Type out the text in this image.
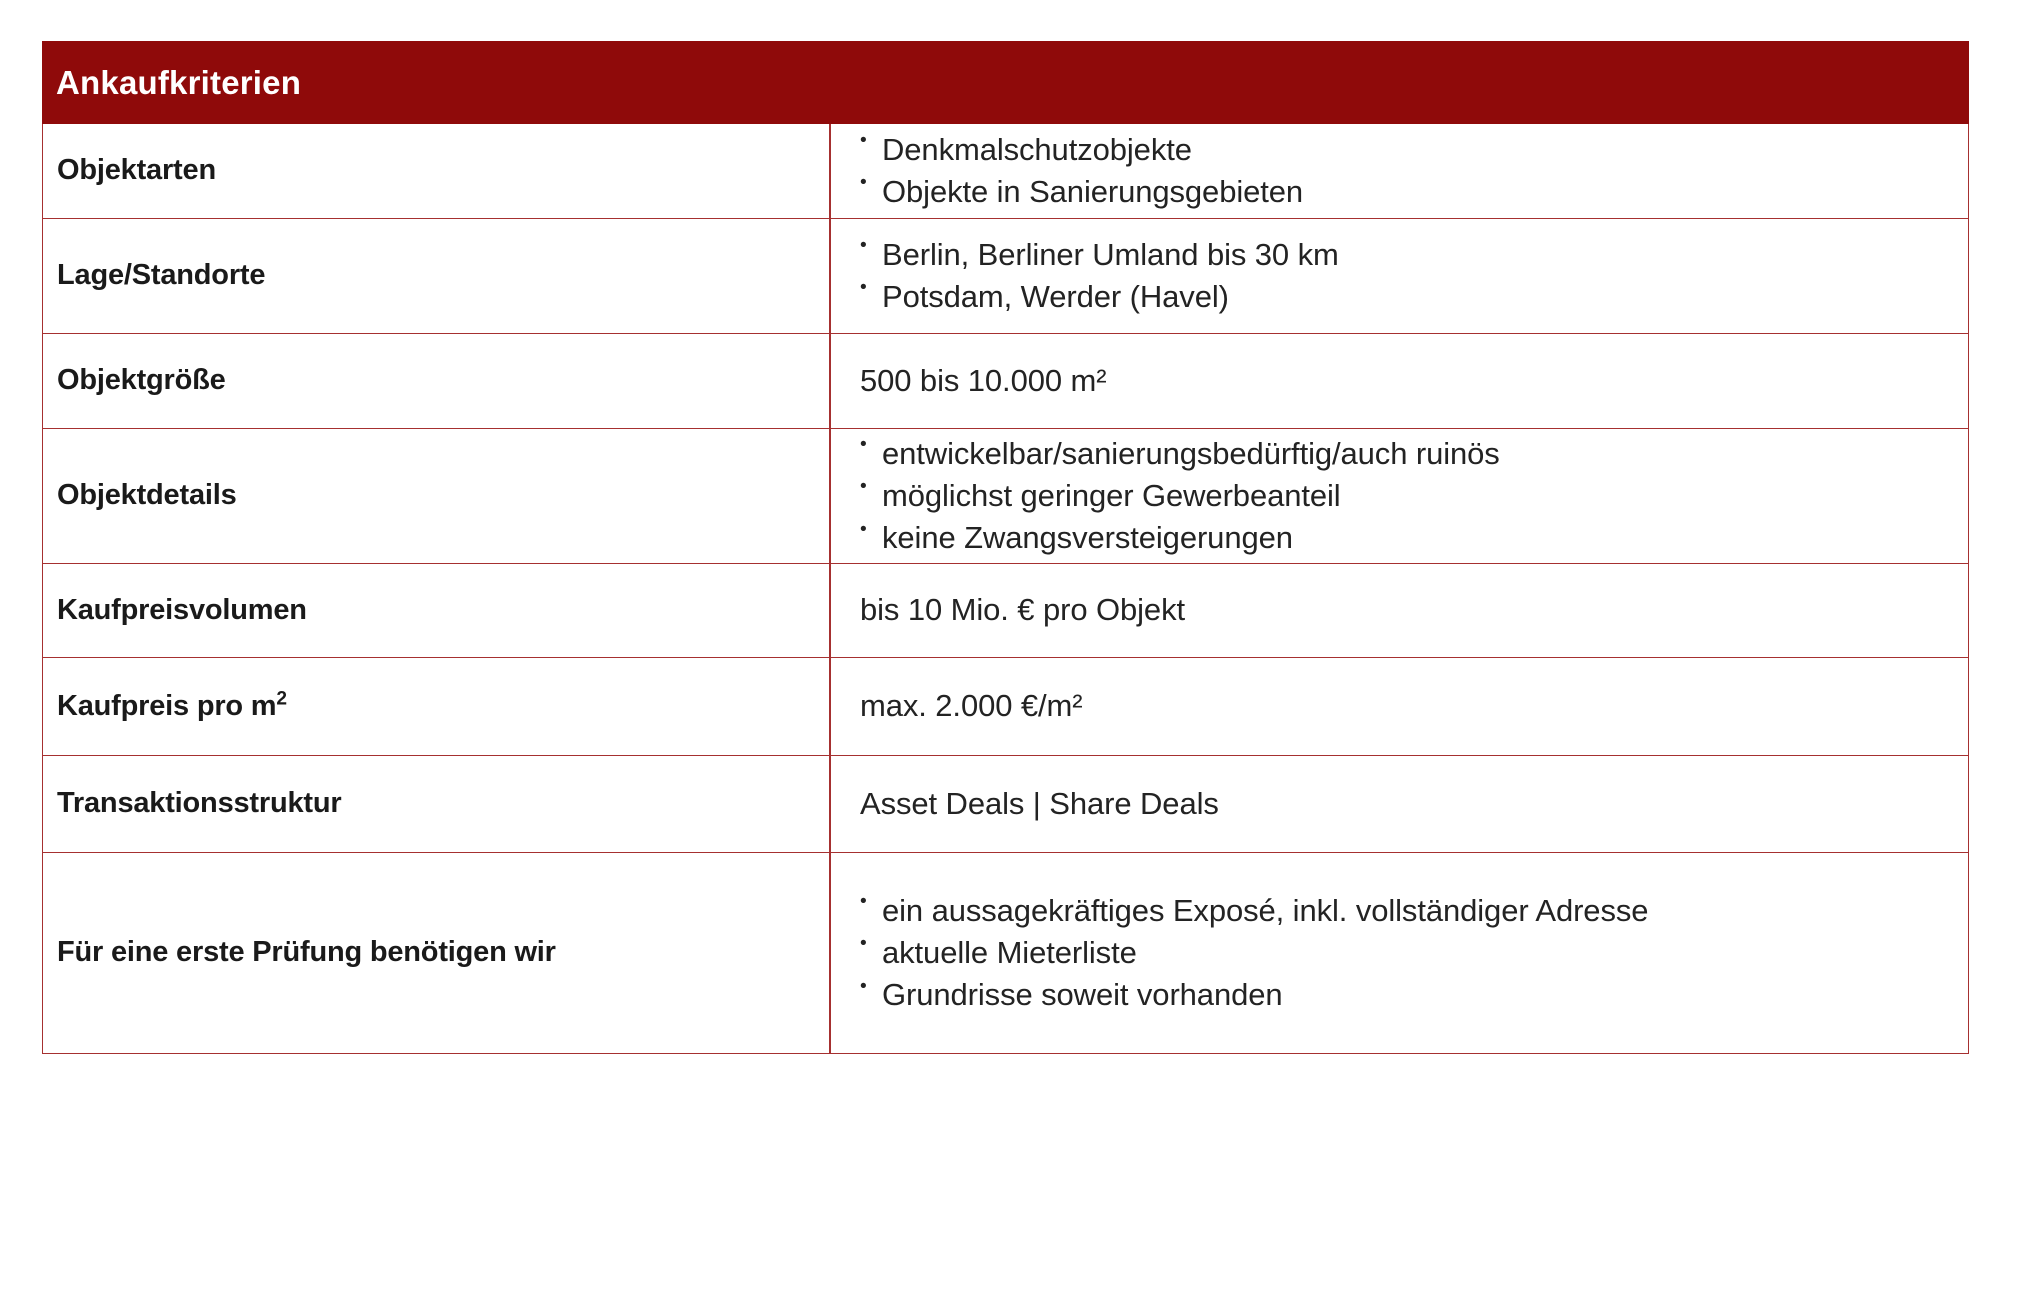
Ankaufkriterien
Objektarten
• Denkmalschutzobjekte
• Objekte in Sanierungsgebieten
Lage/Standorte
• Berlin, Berliner Umland bis 30 km
• Potsdam, Werder (Havel)
Objektgröße	500 bis 10.000 m²
Objektdetails
• entwickelbar/sanierungsbedürftig/auch ruinös
• möglichst geringer Gewerbeanteil
• keine Zwangsversteigerungen
Kaufpreisvolumen	bis 10 Mio. € pro Objekt
Kaufpreis pro $m^2$	max. 2.000 €/m²
Transaktionsstruktur	Asset Deals | Share Deals
Für eine erste Prüfung benötigen wir
• ein aussagekräftiges Exposé, inkl. vollständiger Adresse
• aktuelle Mieterliste
• Grundrisse soweit vorhanden
